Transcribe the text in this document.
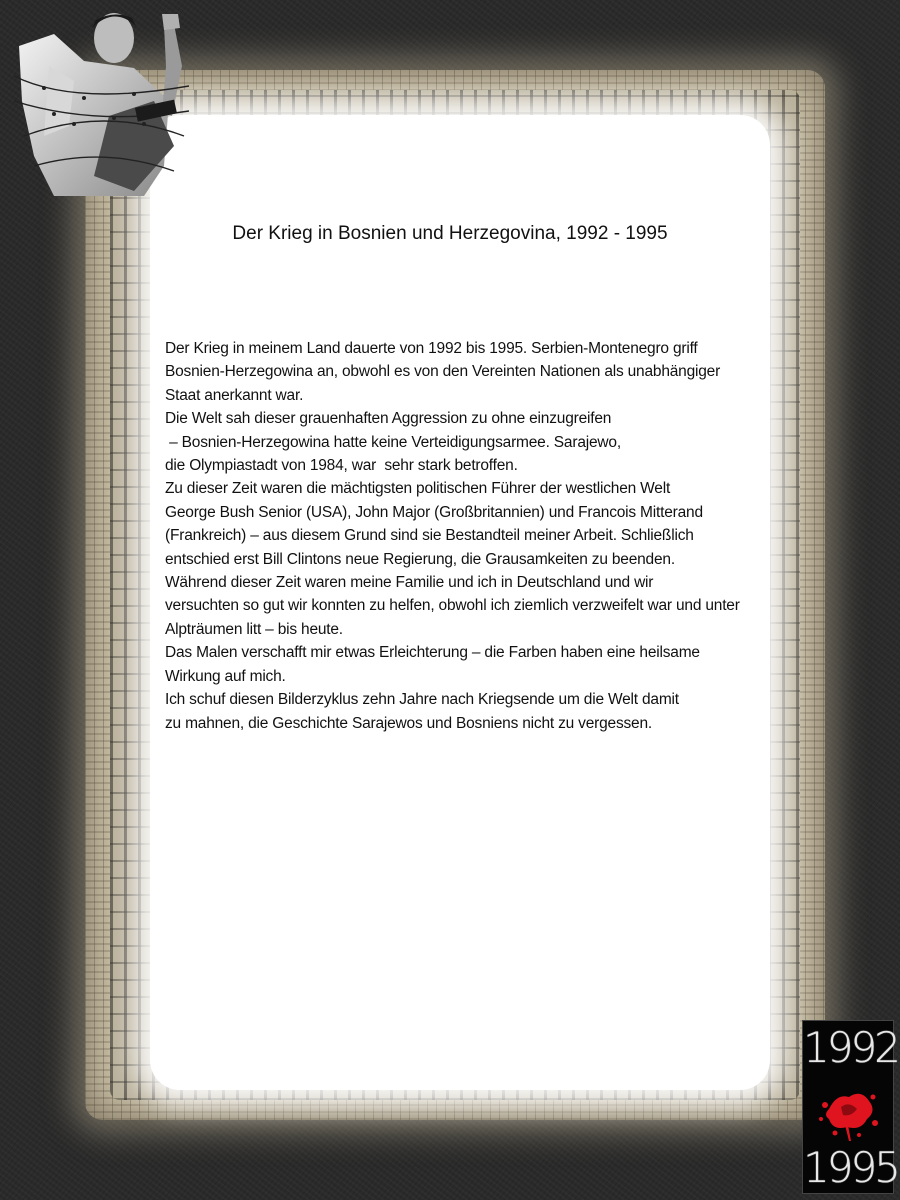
Der Krieg in Bosnien und Herzegovina, 1992 - 1995
Der Krieg in meinem Land dauerte von 1992 bis 1995. Serbien-Montenegro griff
Bosnien-Herzegowina an, obwohl es von den Vereinten Nationen als unabhängiger
Staat anerkannt war.
Die Welt sah dieser grauenhaften Aggression zu ohne einzugreifen
– Bosnien-Herzegowina hatte keine Verteidigungsarmee. Sarajewo,
die Olympiastadt von 1984, war  sehr stark betroffen.
Zu dieser Zeit waren die mächtigsten politischen Führer der westlichen Welt
George Bush Senior (USA), John Major (Großbritannien) und Francois Mitterand
(Frankreich) – aus diesem Grund sind sie Bestandteil meiner Arbeit. Schließlich
entschied erst Bill Clintons neue Regierung, die Grausamkeiten zu beenden.
Während dieser Zeit waren meine Familie und ich in Deutschland und wir
versuchten so gut wir konnten zu helfen, obwohl ich ziemlich verzweifelt war und unter
Alpträumen litt – bis heute.
Das Malen verschafft mir etwas Erleichterung – die Farben haben eine heilsame
Wirkung auf mich.
Ich schuf diesen Bilderzyklus zehn Jahre nach Kriegsende um die Welt damit
zu mahnen, die Geschichte Sarajewos und Bosniens nicht zu vergessen.
1992
1995
